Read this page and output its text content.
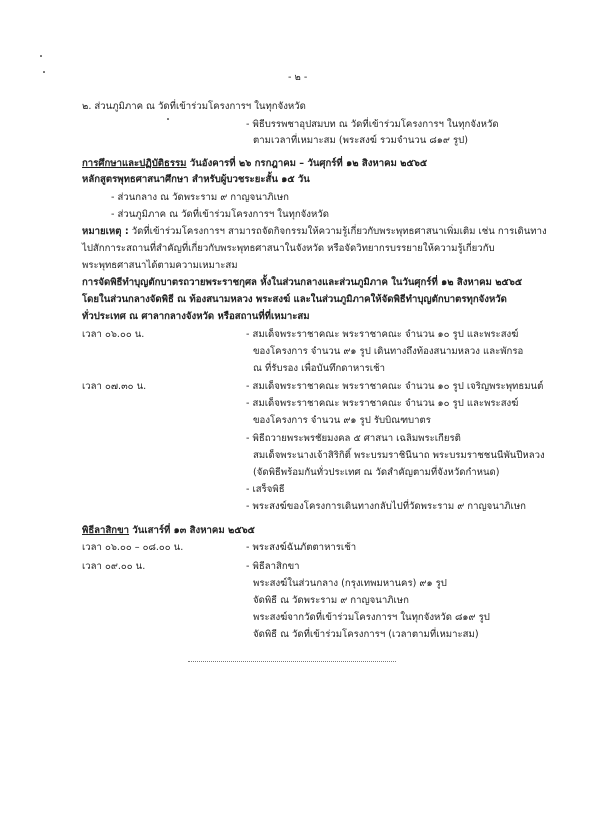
- ๒ -
๒. ส่วนภูมิภาค ณ วัดที่เข้าร่วมโครงการฯ ในทุกจังหวัด
- พิธีบรรพชาอุปสมบท ณ วัดที่เข้าร่วมโครงการฯ ในทุกจังหวัด
ตามเวลาที่เหมาะสม (พระสงฆ์ รวมจำนวน ๘๑๙ รูป)
การศึกษาและปฏิบัติธรรม วันอังคารที่ ๒๖ กรกฎาคม – วันศุกร์ที่ ๑๒ สิงหาคม ๒๕๖๕
หลักสูตรพุทธศาสนาศึกษา สำหรับผู้บวชระยะสั้น ๑๕ วัน
- ส่วนกลาง ณ วัดพระราม ๙ กาญจนาภิเษก
- ส่วนภูมิภาค ณ วัดที่เข้าร่วมโครงการฯ ในทุกจังหวัด
หมายเหตุ : วัดที่เข้าร่วมโครงการฯ สามารถจัดกิจกรรมให้ความรู้เกี่ยวกับพระพุทธศาสนาเพิ่มเติม เช่น การเดินทาง
ไปสักการะสถานที่สำคัญที่เกี่ยวกับพระพุทธศาสนาในจังหวัด หรือจัดวิทยากรบรรยายให้ความรู้เกี่ยวกับ
พระพุทธศาสนาได้ตามความเหมาะสม
การจัดพิธีทำบุญตักบาตรถวายพระราชกุศล หั้งในส่วนกลางและส่วนภูมิภาค ในวันศุกร์ที่ ๑๒ สิงหาคม ๒๕๖๕
โดยในส่วนกลางจัดพิธี ณ ท้องสนามหลวง พระสงฆ์ และในส่วนภูมิภาคให้จัดพิธีทำบุญตักบาตรทุกจังหวัด
ทั่วประเทศ ณ ศาลากลางจังหวัด หรือสถานที่ที่เหมาะสม
เวลา ๐๖.๐๐ น.	- สมเด็จพระราชาคณะ พระราชาคณะ จำนวน ๑๐ รูป และพระสงฆ์
ของโครงการ จำนวน ๙๑ รูป เดินทางถึงท้องสนามหลวง และพักรอ
ณ ที่รับรอง เพื่อบันทึกดาหารเช้า
เวลา ๐๗.๓๐ น.	- สมเด็จพระราชาคณะ พระราชาคณะ จำนวน ๑๐ รูป เจริญพระพุทธมนต์
- สมเด็จพระราชาคณะ พระราชาคณะ จำนวน ๑๐ รูป และพระสงฆ์
ของโครงการ จำนวน ๙๑ รูป รับบิณฑบาตร
- พิธีถวายพระพรชัยมงคล ๕ ศาสนา เฉลิมพระเกียรติ
สมเด็จพระนางเจ้าสิริกิติ์ พระบรมราชินีนาถ พระบรมราชชนนีพันปีหลวง
(จัดพิธีพร้อมกันทั่วประเทศ ณ วัดสำคัญตามที่จังหวัดกำหนด)
- เสร็จพิธี
- พระสงฆ์ของโครงการเดินทางกลับไปที่วัดพระราม ๙ กาญจนาภิเษก
พิธีลาสิกขา วันเสาร์ที่ ๑๓ สิงหาคม ๒๕๖๕
เวลา ๐๖.๐๐ – ๐๘.๐๐ น.	- พระสงฆ์ฉันภัตตาหารเช้า
เวลา ๐๙.๐๐ น.	- พิธีลาสิกขา
พระสงฆ์ในส่วนกลาง (กรุงเทพมหานคร) ๙๑ รูป
จัดพิธี ณ วัดพระราม ๙ กาญจนาภิเษก
พระสงฆ์จากวัดที่เข้าร่วมโครงการฯ ในทุกจังหวัด ๘๑๙ รูป
จัดพิธี ณ วัดที่เข้าร่วมโครงการฯ (เวลาตามที่เหมาะสม)
